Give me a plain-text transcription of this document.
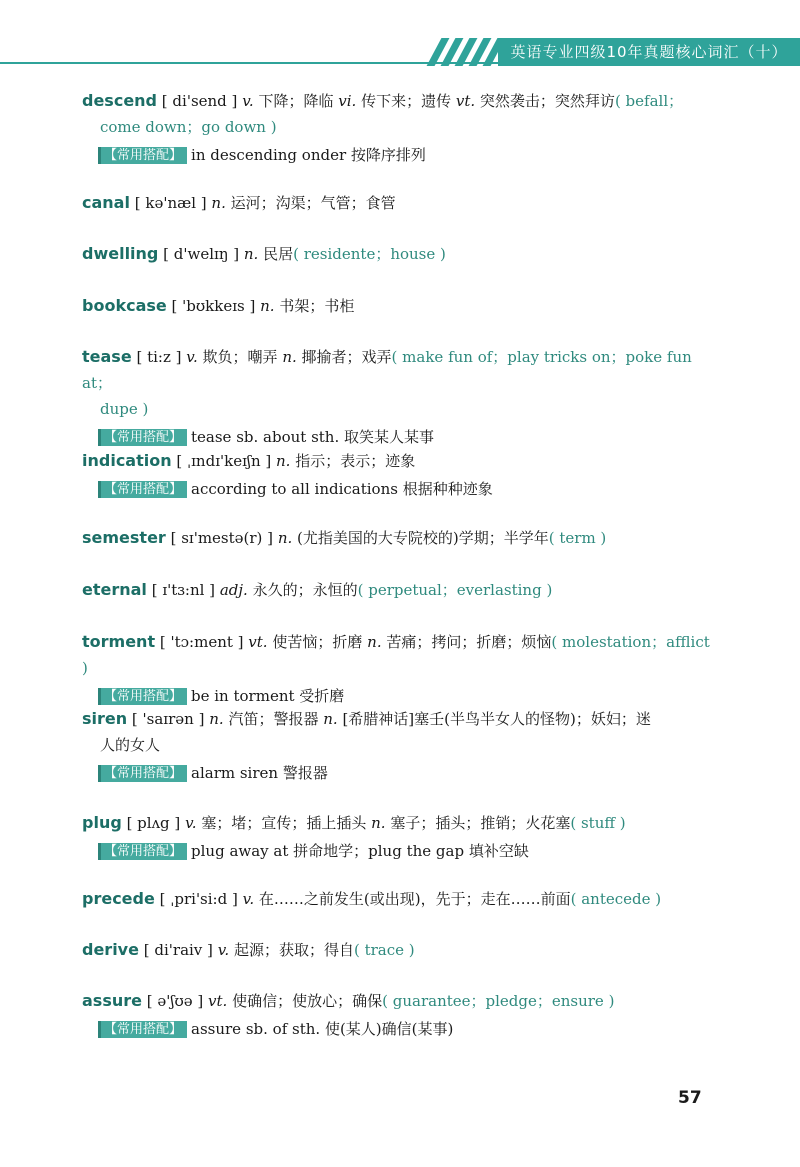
英语专业四级10年真题核心词汇（十）
descend [ di'send ] v. 下降；降临 vi. 传下来；遗传 vt. 突然袭击；突然拜访( befall；
come down；go down )
【常用搭配】 in descending onder 按降序排列
canal [ kə'næl ] n. 运河；沟渠；气管；食管
dwelling [ d'welɪŋ ] n. 民居( residente；house )
bookcase [ 'bʊkkeɪs ] n. 书架；书柜
tease [ ti:z ] v. 欺负；嘲弄 n. 揶揄者；戏弄( make fun of；play tricks on；poke fun at；
dupe )
【常用搭配】 tease sb. about sth. 取笑某人某事
indication [ ˌɪndɪ'keɪʃn ] n. 指示；表示；迹象
【常用搭配】 according to all indications 根据种种迹象
semester [ sɪ'mestə(r) ] n. (尤指美国的大专院校的)学期；半学年( term )
eternal [ ɪ'tɜ:nl ] adj. 永久的；永恒的( perpetual；everlasting )
torment [ 'tɔ:ment ] vt. 使苦恼；折磨 n. 苦痛；拷问；折磨；烦恼( molestation；afflict )
【常用搭配】 be in torment 受折磨
siren [ 'saɪrən ] n. 汽笛；警报器 n. [希腊神话]塞壬(半鸟半女人的怪物)；妖妇；迷
人的女人
【常用搭配】 alarm siren 警报器
plug [ plʌg ] v. 塞；堵；宣传；插上插头 n. 塞子；插头；推销；火花塞( stuff )
【常用搭配】 plug away at 拼命地学；plug the gap 填补空缺
precede [ ˌpri'si:d ] v. 在……之前发生(或出现)，先于；走在……前面( antecede )
derive [ di'raiv ] v. 起源；获取；得自( trace )
assure [ ə'ʃʊə ] vt. 使确信；使放心；确保( guarantee；pledge；ensure )
【常用搭配】 assure sb. of sth. 使(某人)确信(某事)
57
